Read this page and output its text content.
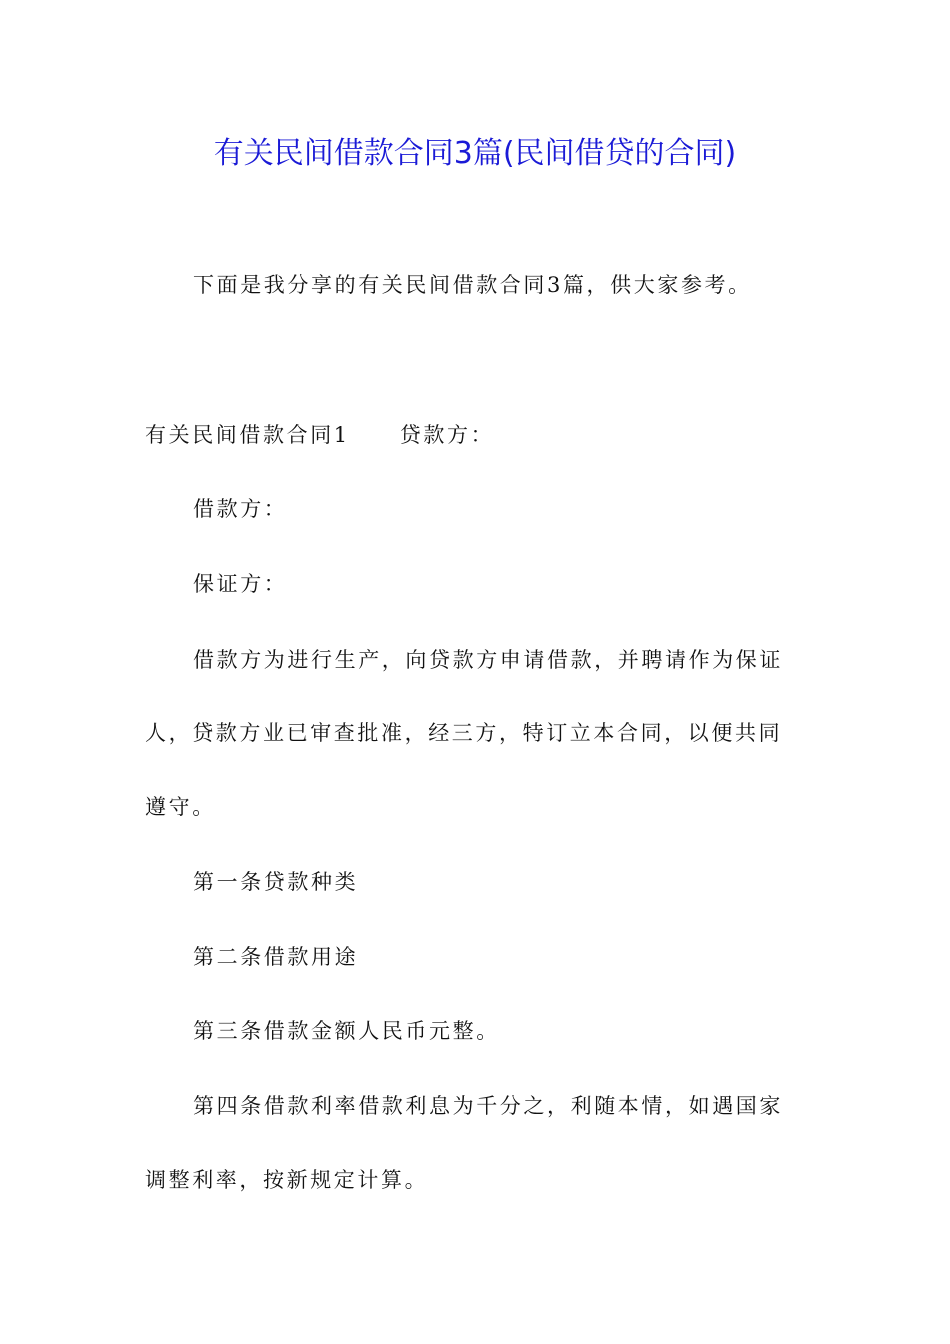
有关民间借款合同3篇(民间借贷的合同)
下面是我分享的有关民间借款合同3篇，供大家参考。
有关民间借款合同1 贷款方：
借款方：
保证方：
借款方为进行生产，向贷款方申请借款，并聘请作为保证
人，贷款方业已审查批准，经三方，特订立本合同，以便共同
遵守。
第一条贷款种类
第二条借款用途
第三条借款金额人民币元整。
第四条借款利率借款利息为千分之，利随本情，如遇国家
调整利率，按新规定计算。
